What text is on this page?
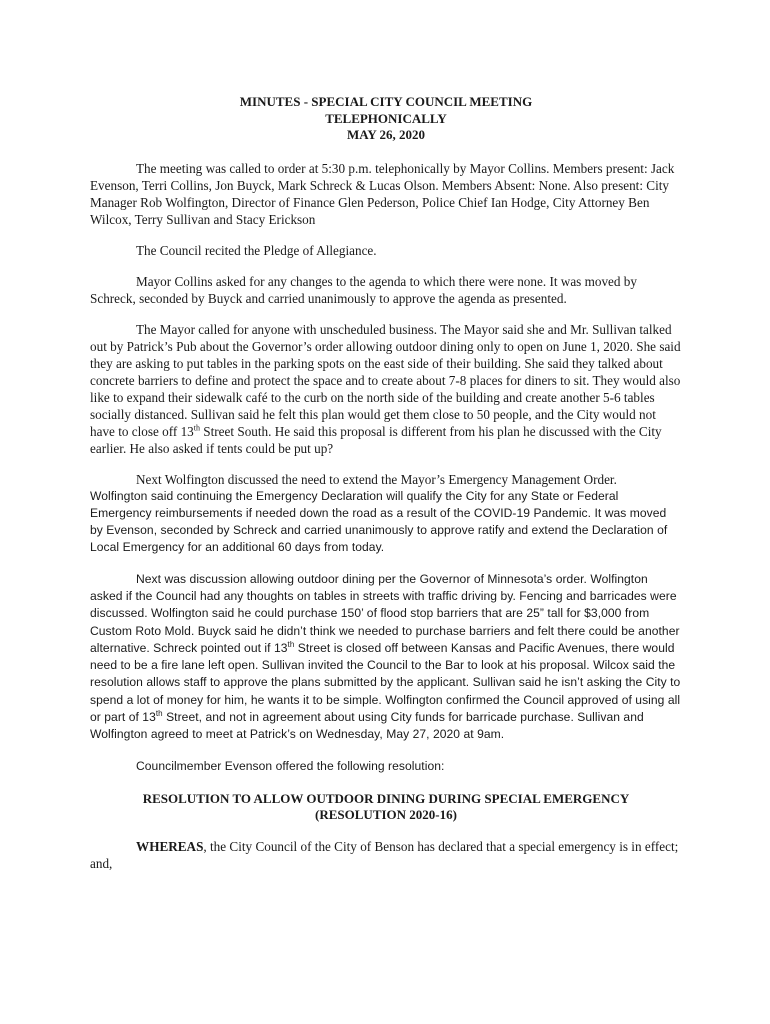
MINUTES - SPECIAL CITY COUNCIL MEETING
TELEPHONICALLY
MAY 26, 2020

The meeting was called to order at 5:30 p.m. telephonically by Mayor Collins. Members present: Jack Evenson, Terri Collins, Jon Buyck, Mark Schreck & Lucas Olson. Members Absent: None. Also present: City Manager Rob Wolfington, Director of Finance Glen Pederson, Police Chief Ian Hodge, City Attorney Ben Wilcox, Terry Sullivan and Stacy Erickson

The Council recited the Pledge of Allegiance.

Mayor Collins asked for any changes to the agenda to which there were none. It was moved by Schreck, seconded by Buyck and carried unanimously to approve the agenda as presented.

The Mayor called for anyone with unscheduled business. The Mayor said she and Mr. Sullivan talked out by Patrick’s Pub about the Governor’s order allowing outdoor dining only to open on June 1, 2020. She said they are asking to put tables in the parking spots on the east side of their building. She said they talked about concrete barriers to define and protect the space and to create about 7-8 places for diners to sit. They would also like to expand their sidewalk café to the curb on the north side of the building and create another 5-6 tables socially distanced. Sullivan said he felt this plan would get them close to 50 people, and the City would not have to close off 13th Street South. He said this proposal is different from his plan he discussed with the City earlier. He also asked if tents could be put up?

Next Wolfington discussed the need to extend the Mayor’s Emergency Management Order.
Wolfington said continuing the Emergency Declaration will qualify the City for any State or Federal Emergency reimbursements if needed down the road as a result of the COVID-19 Pandemic. It was moved by Evenson, seconded by Schreck and carried unanimously to approve ratify and extend the Declaration of Local Emergency for an additional 60 days from today.

Next was discussion allowing outdoor dining per the Governor of Minnesota’s order. Wolfington asked if the Council had any thoughts on tables in streets with traffic driving by. Fencing and barricades were discussed. Wolfington said he could purchase 150’ of flood stop barriers that are 25” tall for $3,000 from Custom Roto Mold. Buyck said he didn’t think we needed to purchase barriers and felt there could be another alternative. Schreck pointed out if 13th Street is closed off between Kansas and Pacific Avenues, there would need to be a fire lane left open. Sullivan invited the Council to the Bar to look at his proposal. Wilcox said the resolution allows staff to approve the plans submitted by the applicant. Sullivan said he isn’t asking the City to spend a lot of money for him, he wants it to be simple. Wolfington confirmed the Council approved of using all or part of 13th Street, and not in agreement about using City funds for barricade purchase. Sullivan and Wolfington agreed to meet at Patrick’s on Wednesday, May 27, 2020 at 9am.

Councilmember Evenson offered the following resolution:

RESOLUTION TO ALLOW OUTDOOR DINING DURING SPECIAL EMERGENCY
(RESOLUTION 2020-16)

WHEREAS, the City Council of the City of Benson has declared that a special emergency is in effect; and,
